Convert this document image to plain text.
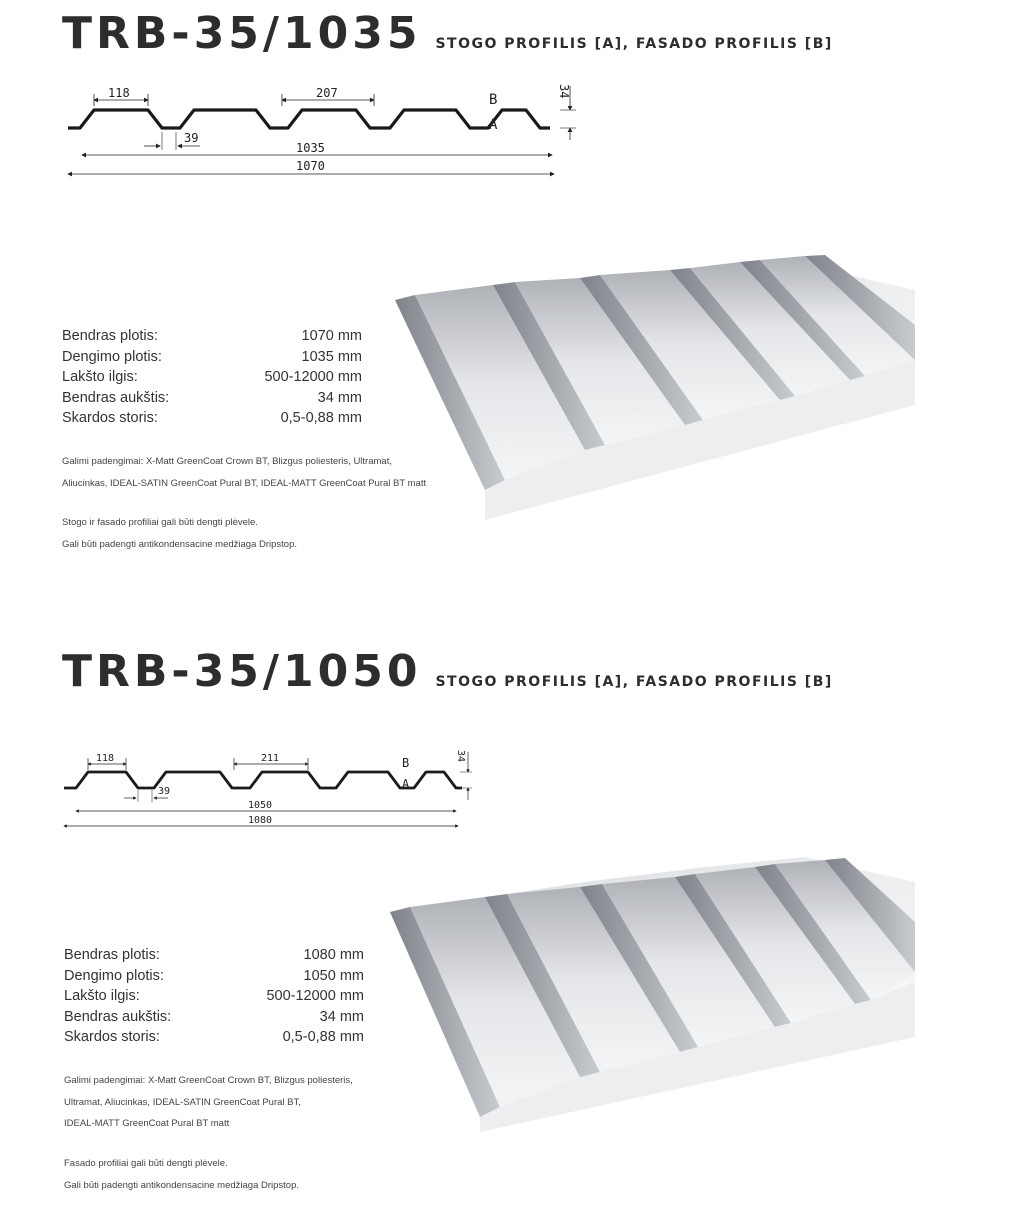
TRB-35/1035 STOGO PROFILIS [A], FASADO PROFILIS [B]
118	207
39
1035
1070
34
B
A
Bendras plotis:	1070 mm
Dengimo plotis:	1035 mm
Lakšto ilgis:	500-12000 mm
Bendras aukštis:	34 mm
Skardos storis:	0,5-0,88 mm

Galimi padengimai: X-Matt GreenCoat Crown BT, Blizgus poliesteris, Ultramat,

Aliucinkas, IDEAL-SATIN GreenCoat Pural BT, IDEAL-MATT GreenCoat Pural BT matt

Stogo ir fasado profiliai gali būti dengti plėvele.

Gali būti padengti antikondensacine medžiaga Dripstop.

TRB-35/1050 STOGO PROFILIS [A], FASADO PROFILIS [B]
118	211
39
1050
1080
34
B
A
Bendras plotis:	1080 mm
Dengimo plotis:	1050 mm
Lakšto ilgis:	500-12000 mm
Bendras aukštis:	34 mm
Skardos storis:	0,5-0,88 mm

Galimi padengimai: X-Matt GreenCoat Crown BT, Blizgus poliesteris,

Ultramat, Aliucinkas, IDEAL-SATIN GreenCoat Pural BT,

IDEAL-MATT GreenCoat Pural BT matt

Fasado profiliai gali būti dengti plėvele.

Gali būti padengti antikondensacine medžiaga Dripstop.
